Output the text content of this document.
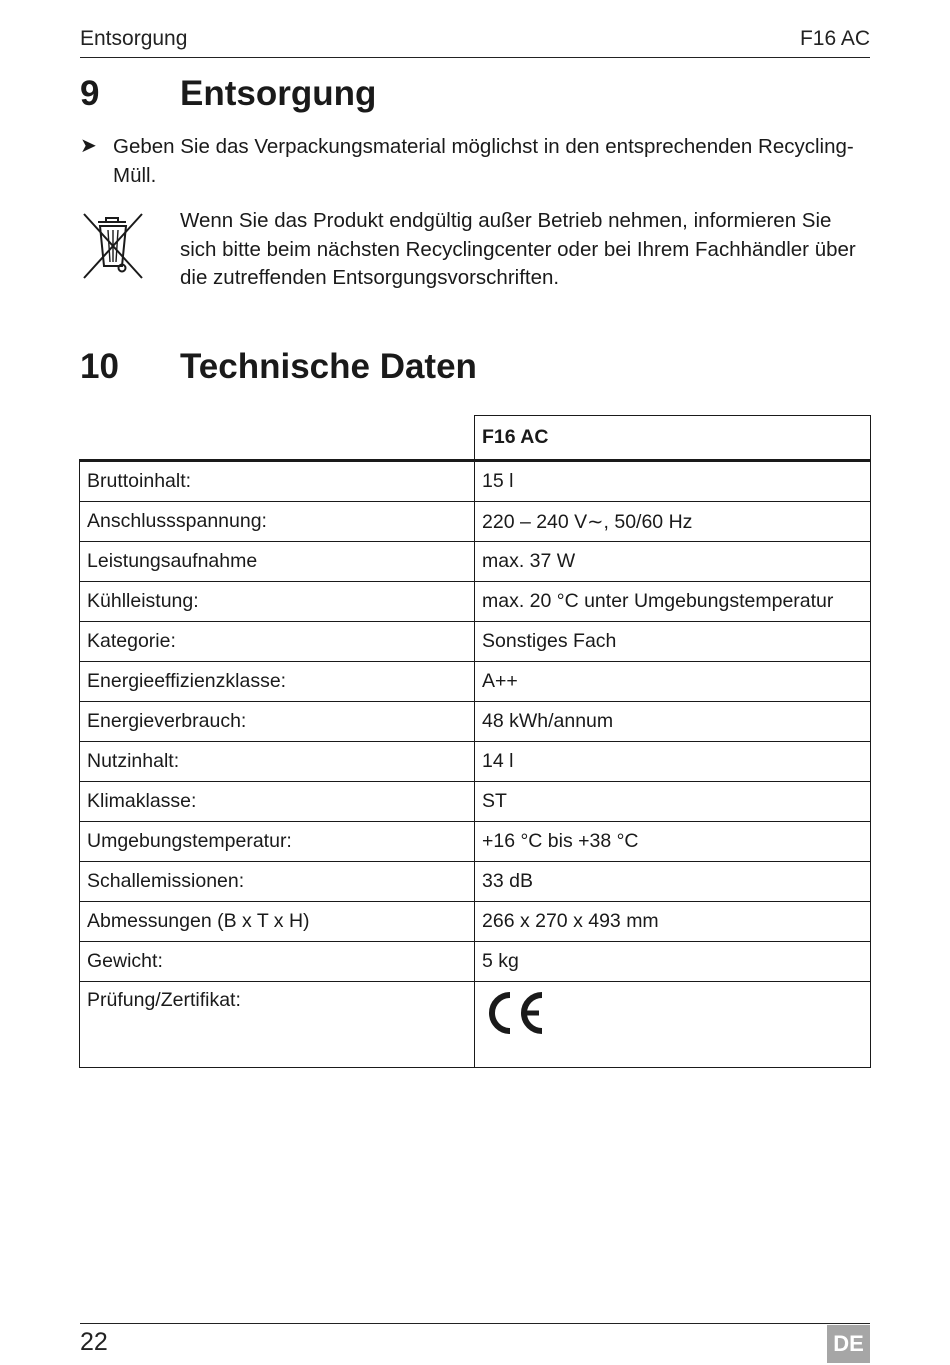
Entsorgung	F16 AC
9 Entsorgung
➤ Geben Sie das Verpackungsmaterial möglichst in den entsprechenden Recycling-Müll.
Wenn Sie das Produkt endgültig außer Betrieb nehmen, informieren Sie sich bitte beim nächsten Recyclingcenter oder bei Ihrem Fachhändler über die zutreffenden Entsorgungsvorschriften.
10 Technische Daten
	F16 AC
Bruttoinhalt:	15 l
Anschlussspannung:	220 – 240 V∼, 50/60 Hz
Leistungsaufnahme	max. 37 W
Kühlleistung:	max. 20 °C unter Umgebungstemperatur
Kategorie:	Sonstiges Fach
Energieeffizienzklasse:	A++
Energieverbrauch:	48 kWh/annum
Nutzinhalt:	14 l
Klimaklasse:	ST
Umgebungstemperatur:	+16 °C bis +38 °C
Schallemissionen:	33 dB
Abmessungen (B x T x H)	266 x 270 x 493 mm
Gewicht:	5 kg
Prüfung/Zertifikat:	
22	DE
